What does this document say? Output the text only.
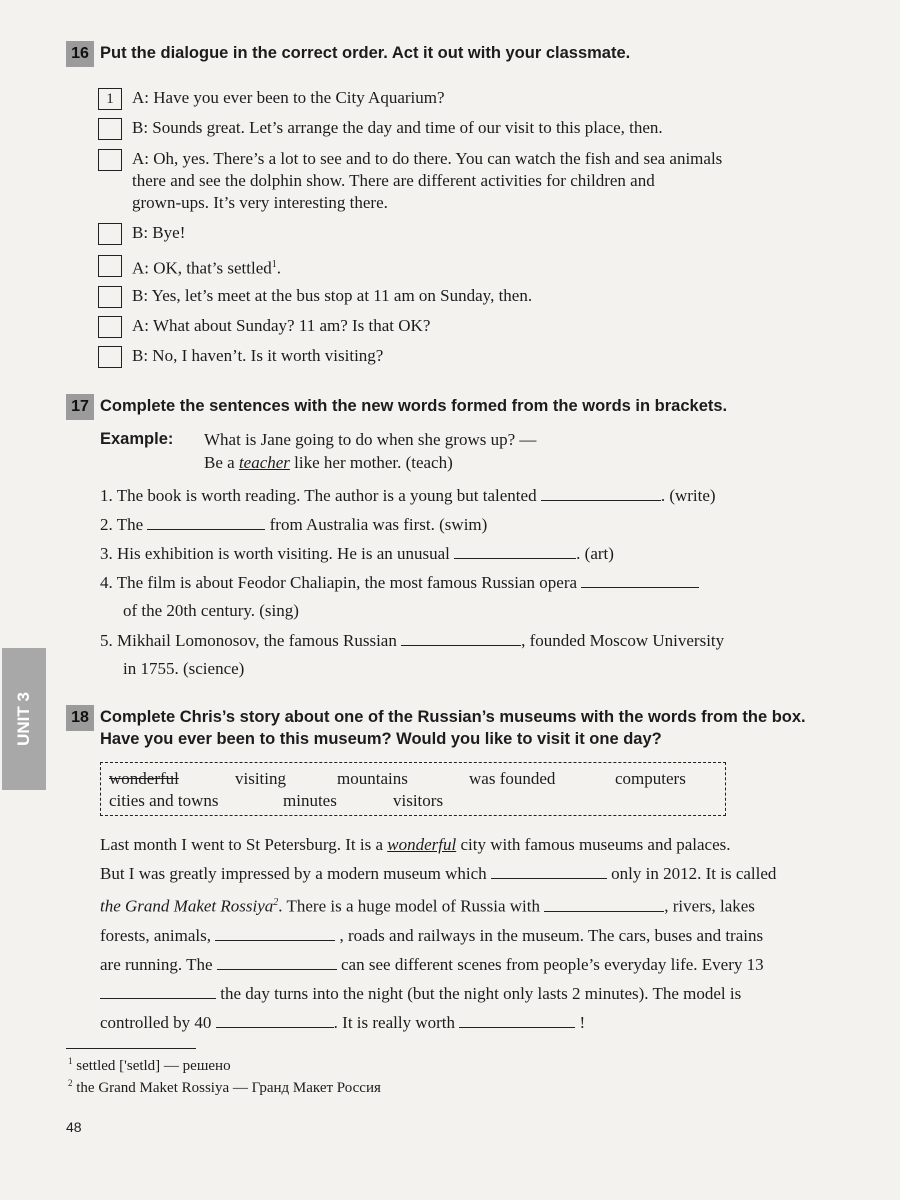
16 Put the dialogue in the correct order. Act it out with your classmate.
1	A: Have you ever been to the City Aquarium?
B: Sounds great. Let’s arrange the day and time of our visit to this place, then.
A: Oh, yes. There’s a lot to see and to do there. You can watch the fish and sea animals
there and see the dolphin show. There are different activities for children and
grown-ups. It’s very interesting there.
B: Bye!
A: OK, that’s settled$^1$.
B: Yes, let’s meet at the bus stop at 11 am on Sunday, then.
A: What about Sunday? 11 am? Is that OK?
B: No, I haven’t. Is it worth visiting?
17 Complete the sentences with the new words formed from the words in brackets.
Example: What is Jane going to do when she grows up? —
Be a teacher like her mother. (teach)
1. The book is worth reading. The author is a young but talented	. (write)
2. The	from Australia was first. (swim)
3. His exhibition is worth visiting. He is an unusual	. (art)
4. The film is about Feodor Chaliapin, the most famous Russian opera
of the 20th century. (sing)
5. Mikhail Lomonosov, the famous Russian	, founded Moscow University
in 1755. (science)
18 Complete Chris’s story about one of the Russian’s museums with the words from the box.
Have you ever been to this museum? Would you like to visit it one day?
wonderful	visiting	mountains	was founded	computers
cities and towns	minutes	visitors
Last month I went to St Petersburg. It is a wonderful city with famous museums and palaces.
But I was greatly impressed by a modern museum which	only in 2012. It is called
the Grand Maket Rossiya$^2$. There is a huge model of Russia with	, rivers, lakes
forests, animals,	, roads and railways in the museum. The cars, buses and trains
are running. The	can see different scenes from people’s everyday life. Every 13
the day turns into the night (but the night only lasts 2 minutes). The model is
controlled by 40	. It is really worth	!
UNIT 3
$^1$ settled ['setld] — решено
$^2$ the Grand Maket Rossiya — Гранд Макет Россия
48
